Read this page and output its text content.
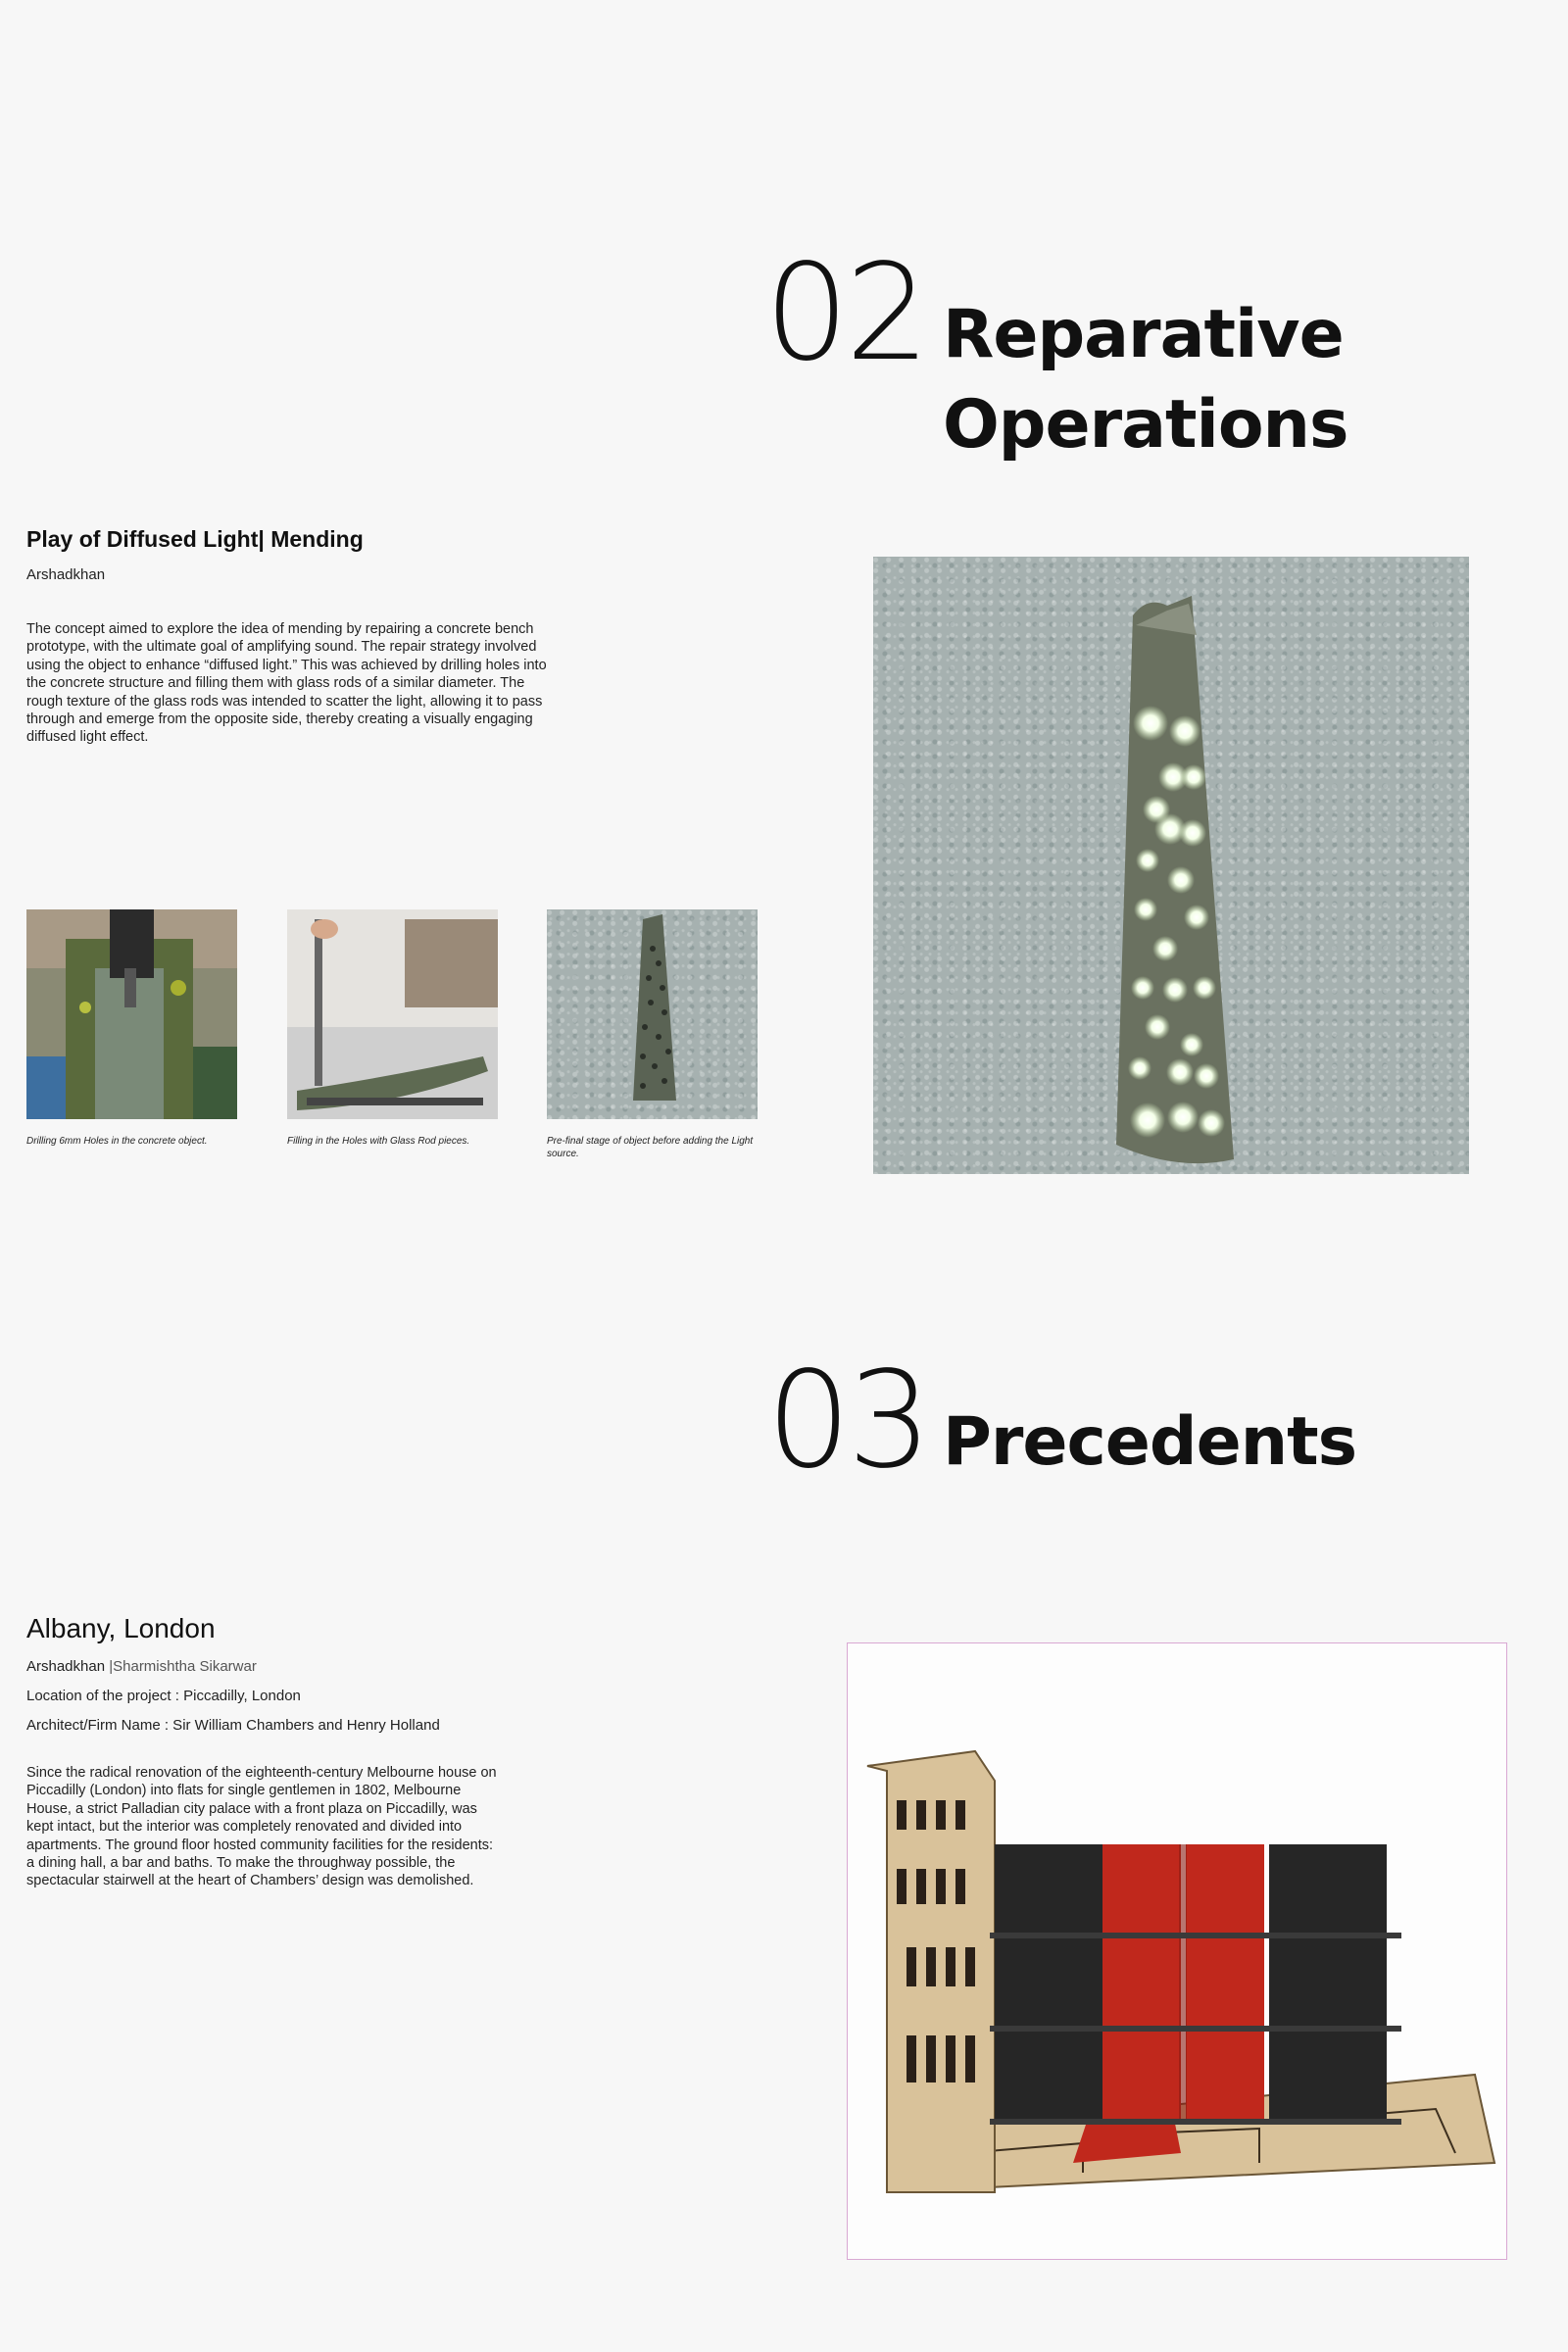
02 Reparative
Operations
Play of Diffused Light| Mending
Arshadkhan
The concept aimed to explore the idea of mending by repairing a concrete bench prototype, with the ultimate goal of amplifying sound. The repair strategy involved using the object to enhance “diffused light.” This was achieved by drilling holes into the concrete structure and filling them with glass rods of a similar diameter. The rough texture of the glass rods was intended to scatter the light, allowing it to pass through and emerge from the opposite side, thereby creating a visually engaging diffused light effect.
Drilling 6mm Holes in the concrete object.	Filling in the Holes with Glass Rod pieces.	Pre-final stage of object before adding the Light source.
03 Precedents
Albany, London
Arshadkhan |Sharmishtha Sikarwar
Location of the project : Piccadilly, London
Architect/Firm Name : Sir William Chambers and Henry Holland
Since the radical renovation of the eighteenth-century Melbourne house on Piccadilly (London) into flats for single gentlemen in 1802, Melbourne House, a strict Palladian city palace with a front plaza on Piccadilly, was kept intact, but the interior was completely renovated and divided into apartments. The ground floor hosted community facilities for the residents: a dining hall, a bar and baths. To make the throughway possible, the spectacular stairwell at the heart of Chambers’ design was demolished.
